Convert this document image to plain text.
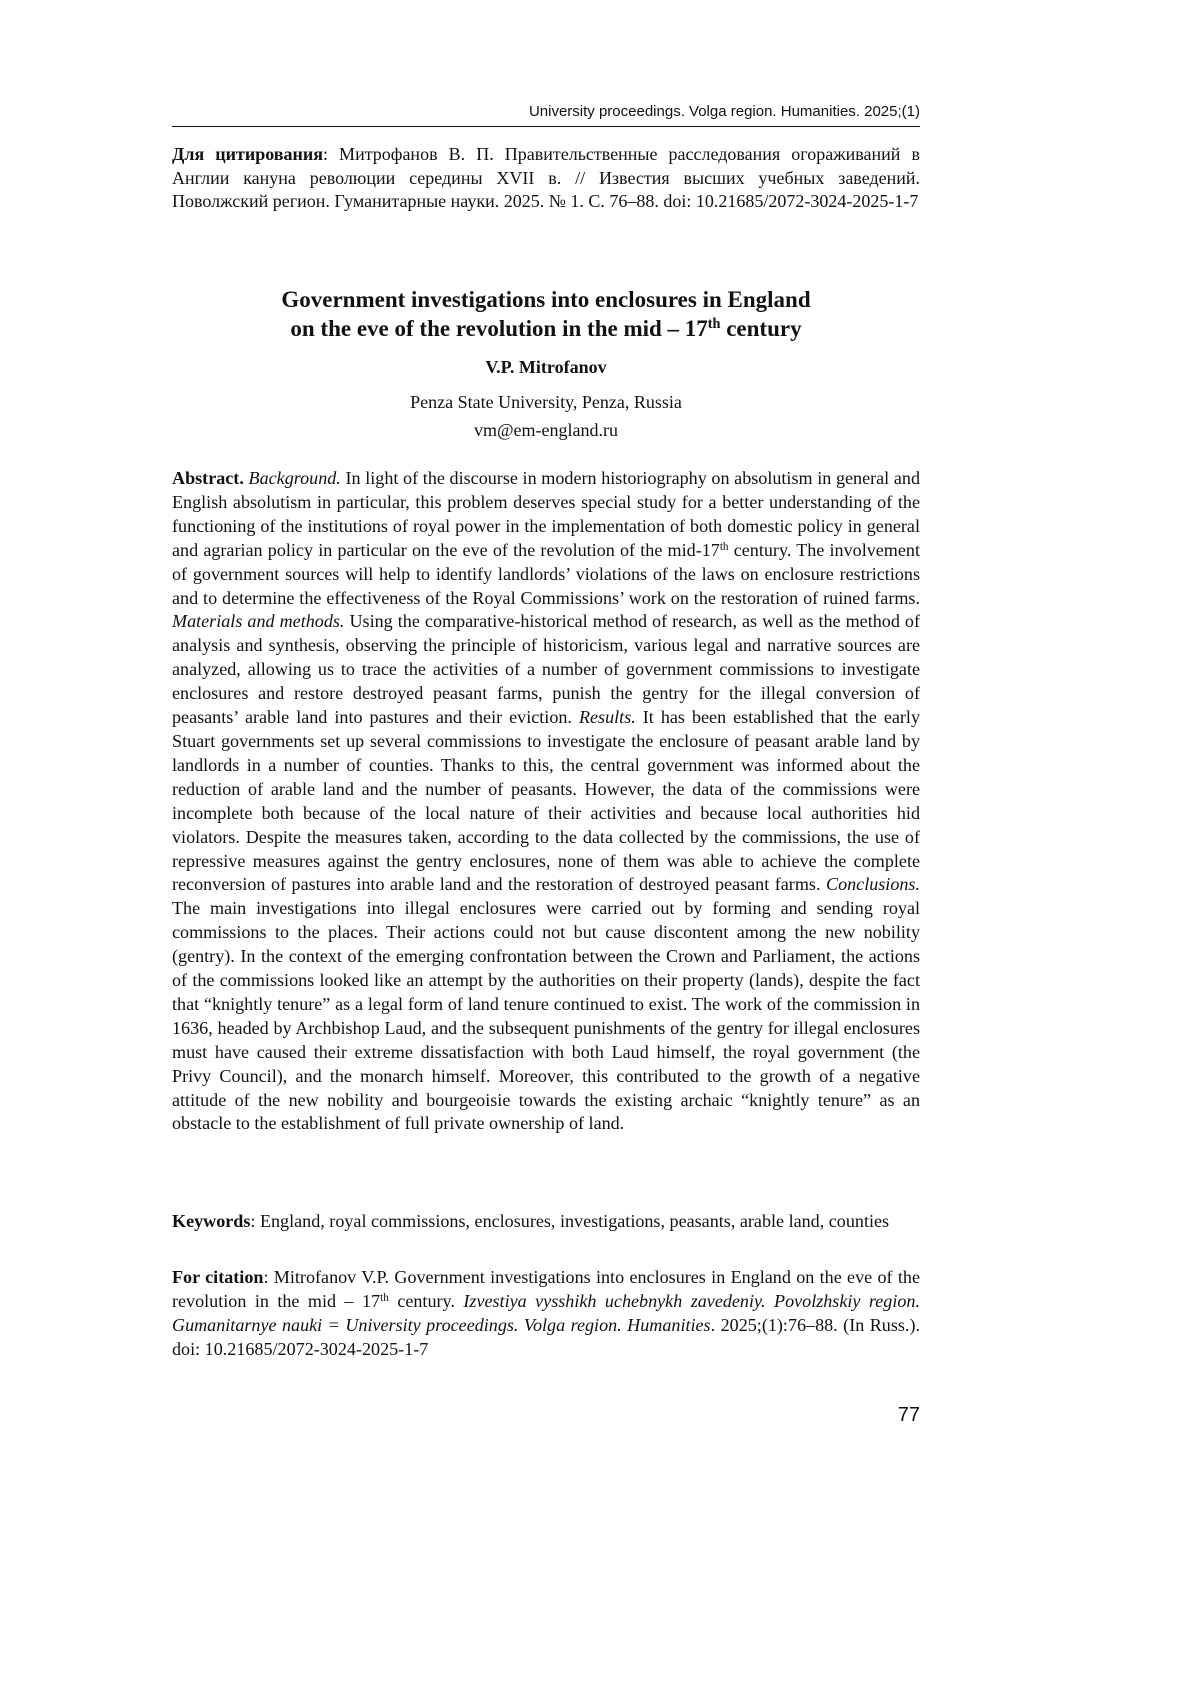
University proceedings. Volga region. Humanities. 2025;(1)

Для цитирования: Митрофанов В. П. Правительственные расследования огораживаний в Англии кануна революции середины XVII в. // Известия высших учебных заведений. Поволжский регион. Гуманитарные науки. 2025. № 1. С. 76–88. doi: 10.21685/2072-3024-2025-1-7

Government investigations into enclosures in England
on the eve of the revolution in the mid – 17th century
V.P. Mitrofanov
Penza State University, Penza, Russia
vm@em-england.ru

Abstract. Background. In light of the discourse in modern historiography on absolutism in general and English absolutism in particular, this problem deserves special study for a better understanding of the functioning of the institutions of royal power in the implementation of both domestic policy in general and agrarian policy in particular on the eve of the revolution of the mid-17th century. The involvement of government sources will help to identify landlords’ violations of the laws on enclosure restrictions and to determine the effectiveness of the Royal Commissions’ work on the restoration of ruined farms. Materials and methods. Using the comparative-historical method of research, as well as the method of analysis and synthesis, observing the principle of historicism, various legal and narrative sources are analyzed, allowing us to trace the activities of a number of government commissions to investigate enclosures and restore destroyed peasant farms, punish the gentry for the illegal conversion of peasants’ arable land into pastures and their eviction. Results. It has been established that the early Stuart governments set up several commissions to investigate the enclosure of peasant arable land by landlords in a number of counties. Thanks to this, the central government was informed about the reduction of arable land and the number of peasants. However, the data of the commissions were incomplete both because of the local nature of their activities and because local authorities hid violators. Despite the measures taken, according to the data collected by the commissions, the use of repressive measures against the gentry enclosures, none of them was able to achieve the complete reconversion of pastures into arable land and the restoration of destroyed peasant farms. Conclusions. The main investigations into illegal enclosures were carried out by forming and sending royal commissions to the places. Their actions could not but cause discontent among the new nobility (gentry). In the context of the emerging confrontation between the Crown and Parliament, the actions of the commissions looked like an attempt by the authorities on their property (lands), despite the fact that “knightly tenure” as a legal form of land tenure continued to exist. The work of the commission in 1636, headed by Archbishop Laud, and the subsequent punishments of the gentry for illegal enclosures must have caused their extreme dissatisfaction with both Laud himself, the royal government (the Privy Council), and the monarch himself. Moreover, this contributed to the growth of a negative attitude of the new nobility and bourgeoisie towards the existing archaic “knightly tenure” as an obstacle to the establishment of full private ownership of land.

Keywords: England, royal commissions, enclosures, investigations, peasants, arable land, counties

For citation: Mitrofanov V.P. Government investigations into enclosures in England on the eve of the revolution in the mid – 17th century. Izvestiya vysshikh uchebnykh zavedeniy. Povolzhskiy region. Gumanitarnye nauki = University proceedings. Volga region. Humanities. 2025;(1):76–88. (In Russ.). doi: 10.21685/2072-3024-2025-1-7

77
